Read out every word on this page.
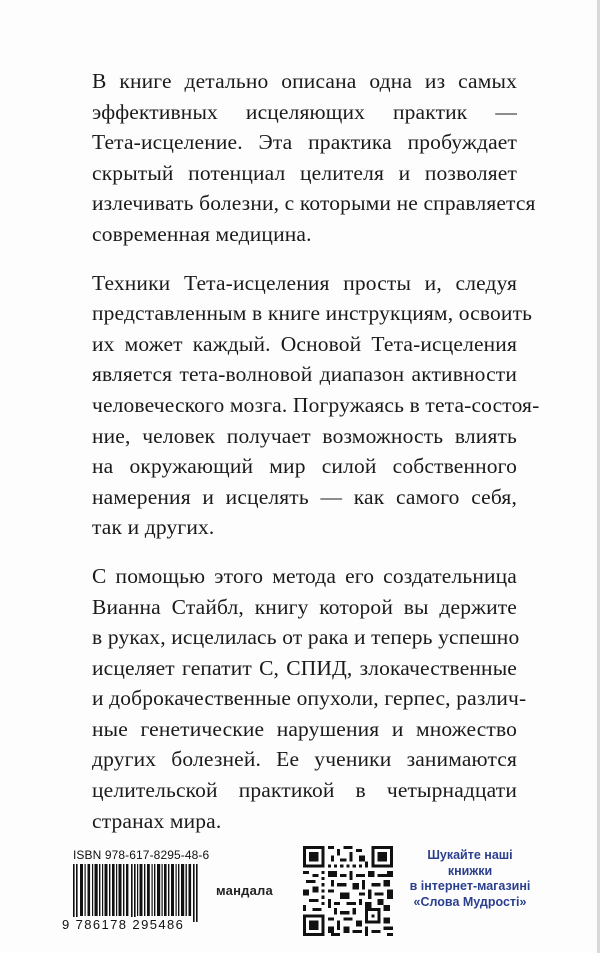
В книге детально описана одна из самых
эффективных исцеляющих практик —
Тета-исцеление. Эта практика пробуждает
скрытый потенциал целителя и позволяет
излечивать болезни, с которыми не справляется
современная медицина.

Техники Тета-исцеления просты и, следуя
представленным в книге инструкциям, освоить
их может каждый. Основой Тета-исцеления
является тета-волновой диапазон активности
человеческого мозга. Погружаясь в тета-состоя-
ние, человек получает возможность влиять
на окружающий мир силой собственного
намерения и исцелять — как самого себя,
так и других.

С помощью этого метода его создательница
Вианна Стайбл, книгу которой вы держите
в руках, исцелилась от рака и теперь успешно
исцеляет гепатит С, СПИД, злокачественные
и доброкачественные опухоли, герпес, различ-
ные генетические нарушения и множество
других болезней. Ее ученики занимаются
целительской практикой в четырнадцати
странах мира.

ISBN 978-617-8295-48-6
9 786178 295486
мандала
Шукайте наші книжки
в інтернет-магазині
«Слова Мудрості»
